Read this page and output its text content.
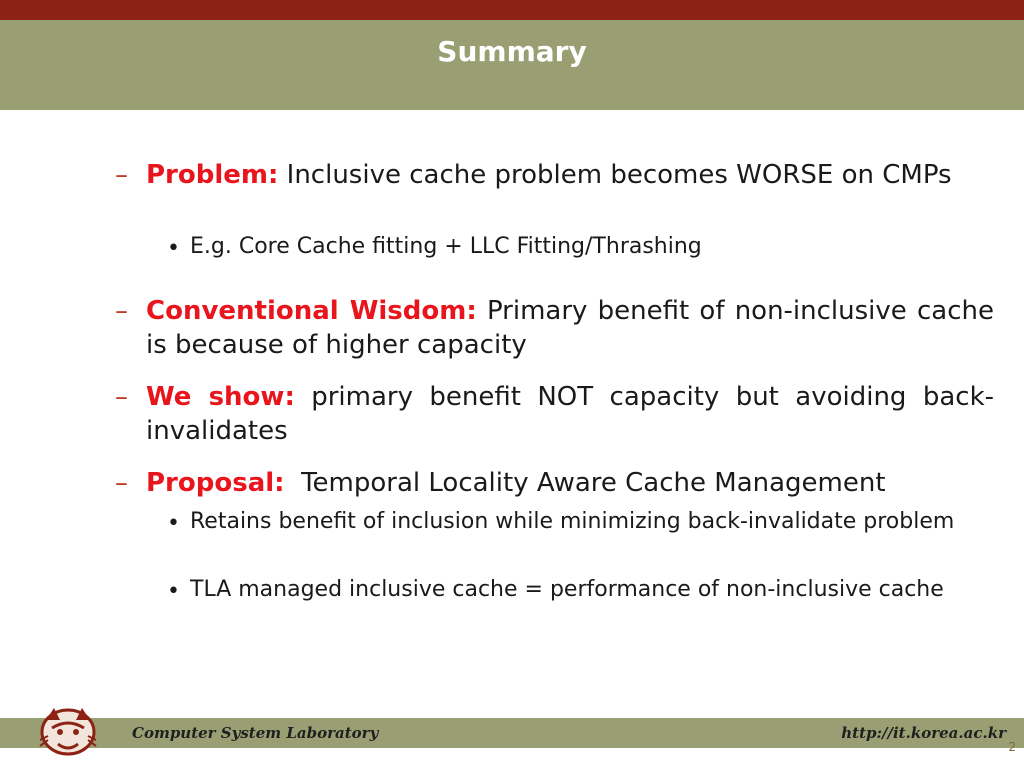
Summary
– Problem: Inclusive cache problem becomes WORSE on CMPs
• E.g. Core Cache fitting + LLC Fitting/Thrashing
– Conventional Wisdom: Primary benefit of non-inclusive cache is because of higher capacity
– We show: primary benefit NOT capacity but avoiding back-invalidates
– Proposal:  Temporal Locality Aware Cache Management
• Retains benefit of inclusion while minimizing back-invalidate problem
• TLA managed inclusive cache = performance of non-inclusive cache
Computer System Laboratory	http://it.korea.ac.kr
2
